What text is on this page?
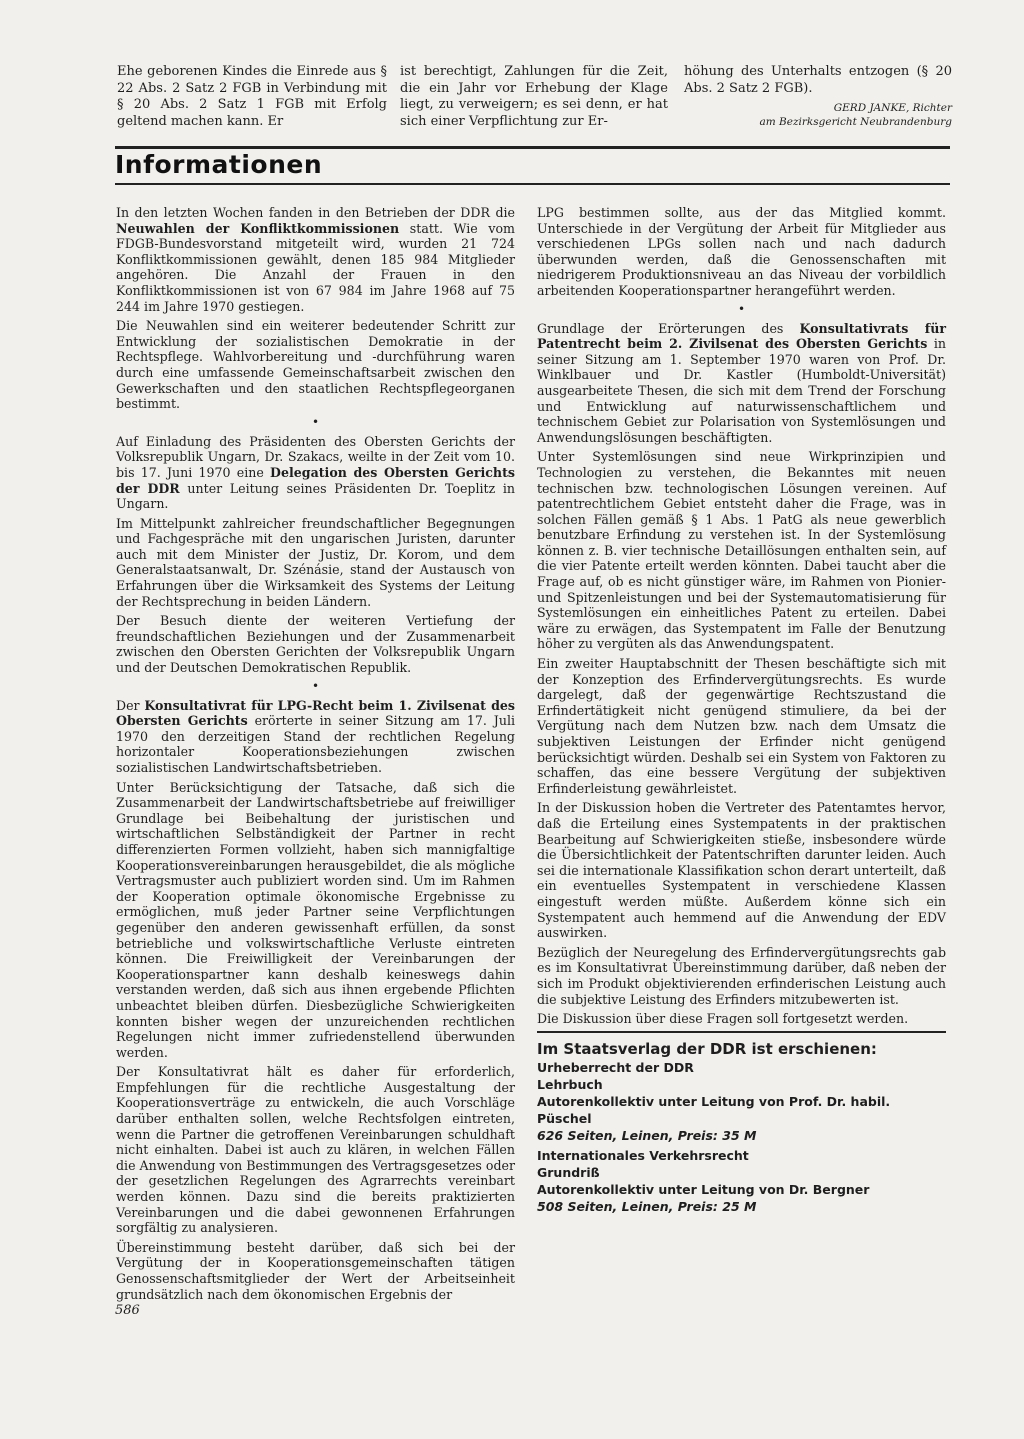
Ehe geborenen Kindes die Einrede aus § 22 Abs. 2 Satz 2 FGB in Verbindung mit § 20 Abs. 2 Satz 1 FGB mit Erfolg geltend machen kann. Er

ist berechtigt, Zahlungen für die Zeit, die ein Jahr vor Erhebung der Klage liegt, zu verweigern; es sei denn, er hat sich einer Verpflichtung zur Er-

höhung des Unterhalts entzogen (§ 20 Abs. 2 Satz 2 FGB).

GERD JANKE, Richter
am Bezirksgericht Neubrandenburg
Informationen

In den letzten Wochen fanden in den Betrieben der DDR die Neuwahlen der Konfliktkommissionen statt. Wie vom FDGB-Bundesvorstand mitgeteilt wird, wurden 21 724 Konfliktkommissionen gewählt, denen 185 984 Mitglieder angehören. Die Anzahl der Frauen in den Konfliktkommissionen ist von 67 984 im Jahre 1968 auf 75 244 im Jahre 1970 gestiegen.

Die Neuwahlen sind ein weiterer bedeutender Schritt zur Entwicklung der sozialistischen Demokratie in der Rechtspflege. Wahlvorbereitung und -durchführung waren durch eine umfassende Gemeinschaftsarbeit zwischen den Gewerkschaften und den staatlichen Rechtspflegeorganen bestimmt.

•

Auf Einladung des Präsidenten des Obersten Gerichts der Volksrepublik Ungarn, Dr. Szakacs, weilte in der Zeit vom 10. bis 17. Juni 1970 eine Delegation des Obersten Gerichts der DDR unter Leitung seines Präsidenten Dr. Toeplitz in Ungarn.

Im Mittelpunkt zahlreicher freundschaftlicher Begegnungen und Fachgespräche mit den ungarischen Juristen, darunter auch mit dem Minister der Justiz, Dr. Korom, und dem Generalstaatsanwalt, Dr. Szénásie, stand der Austausch von Erfahrungen über die Wirksamkeit des Systems der Leitung der Rechtsprechung in beiden Ländern.

Der Besuch diente der weiteren Vertiefung der freundschaftlichen Beziehungen und der Zusammenarbeit zwischen den Obersten Gerichten der Volksrepublik Ungarn und der Deutschen Demokratischen Republik.

•

Der Konsultativrat für LPG-Recht beim 1. Zivilsenat des Obersten Gerichts erörterte in seiner Sitzung am 17. Juli 1970 den derzeitigen Stand der rechtlichen Regelung horizontaler Kooperationsbeziehungen zwischen sozialistischen Landwirtschaftsbetrieben.

Unter Berücksichtigung der Tatsache, daß sich die Zusammenarbeit der Landwirtschaftsbetriebe auf freiwilliger Grundlage bei Beibehaltung der juristischen und wirtschaftlichen Selbständigkeit der Partner in recht differenzierten Formen vollzieht, haben sich mannigfaltige Kooperationsvereinbarungen herausgebildet, die als mögliche Vertragsmuster auch publiziert worden sind. Um im Rahmen der Kooperation optimale ökonomische Ergebnisse zu ermöglichen, muß jeder Partner seine Verpflichtungen gegenüber den anderen gewissenhaft erfüllen, da sonst betriebliche und volkswirtschaftliche Verluste eintreten können. Die Freiwilligkeit der Vereinbarungen der Kooperationspartner kann deshalb keineswegs dahin verstanden werden, daß sich aus ihnen ergebende Pflichten unbeachtet bleiben dürfen. Diesbezügliche Schwierigkeiten konnten bisher wegen der unzureichenden rechtlichen Regelungen nicht immer zufriedenstellend überwunden werden.

Der Konsultativrat hält es daher für erforderlich, Empfehlungen für die rechtliche Ausgestaltung der Kooperationsverträge zu entwickeln, die auch Vorschläge darüber enthalten sollen, welche Rechtsfolgen eintreten, wenn die Partner die getroffenen Vereinbarungen schuldhaft nicht einhalten. Dabei ist auch zu klären, in welchen Fällen die Anwendung von Bestimmungen des Vertragsgesetzes oder der gesetzlichen Regelungen des Agrarrechts vereinbart werden können. Dazu sind die bereits praktizierten Vereinbarungen und die dabei gewonnenen Erfahrungen sorgfältig zu analysieren.

Übereinstimmung besteht darüber, daß sich bei der Vergütung der in Kooperationsgemeinschaften tätigen Genossenschaftsmitglieder der Wert der Arbeitseinheit grundsätzlich nach dem ökonomischen Ergebnis der

LPG bestimmen sollte, aus der das Mitglied kommt. Unterschiede in der Vergütung der Arbeit für Mitglieder aus verschiedenen LPGs sollen nach und nach dadurch überwunden werden, daß die Genossenschaften mit niedrigerem Produktionsniveau an das Niveau der vorbildlich arbeitenden Kooperationspartner herangeführt werden.

•

Grundlage der Erörterungen des Konsultativrats für Patentrecht beim 2. Zivilsenat des Obersten Gerichts in seiner Sitzung am 1. September 1970 waren von Prof. Dr. Winklbauer und Dr. Kastler (Humboldt-Universität) ausgearbeitete Thesen, die sich mit dem Trend der Forschung und Entwicklung auf naturwissenschaftlichem und technischem Gebiet zur Polarisation von Systemlösungen und Anwendungslösungen beschäftigten.

Unter Systemlösungen sind neue Wirkprinzipien und Technologien zu verstehen, die Bekanntes mit neuen technischen bzw. technologischen Lösungen vereinen. Auf patentrechtlichem Gebiet entsteht daher die Frage, was in solchen Fällen gemäß § 1 Abs. 1 PatG als neue gewerblich benutzbare Erfindung zu verstehen ist. In der Systemlösung können z. B. vier technische Detaillösungen enthalten sein, auf die vier Patente erteilt werden könnten. Dabei taucht aber die Frage auf, ob es nicht günstiger wäre, im Rahmen von Pionier- und Spitzenleistungen und bei der Systemautomatisierung für Systemlösungen ein einheitliches Patent zu erteilen. Dabei wäre zu erwägen, das Systempatent im Falle der Benutzung höher zu vergüten als das Anwendungspatent.

Ein zweiter Hauptabschnitt der Thesen beschäftigte sich mit der Konzeption des Erfindervergütungsrechts. Es wurde dargelegt, daß der gegenwärtige Rechtszustand die Erfindertätigkeit nicht genügend stimuliere, da bei der Vergütung nach dem Nutzen bzw. nach dem Umsatz die subjektiven Leistungen der Erfinder nicht genügend berücksichtigt würden. Deshalb sei ein System von Faktoren zu schaffen, das eine bessere Vergütung der subjektiven Erfinderleistung gewährleistet.

In der Diskussion hoben die Vertreter des Patentamtes hervor, daß die Erteilung eines Systempatents in der praktischen Bearbeitung auf Schwierigkeiten stieße, insbesondere würde die Übersichtlichkeit der Patentschriften darunter leiden. Auch sei die internationale Klassifikation schon derart unterteilt, daß ein eventuelles Systempatent in verschiedene Klassen eingestuft werden müßte. Außerdem könne sich ein Systempatent auch hemmend auf die Anwendung der EDV auswirken.

Bezüglich der Neuregelung des Erfindervergütungsrechts gab es im Konsultativrat Übereinstimmung darüber, daß neben der sich im Produkt objektivierenden erfinderischen Leistung auch die subjektive Leistung des Erfinders mitzubewerten ist.

Die Diskussion über diese Fragen soll fortgesetzt werden.

Im Staatsverlag der DDR ist erschienen:
Urheberrecht der DDR
Lehrbuch
Autorenkollektiv unter Leitung von Prof. Dr. habil. Püschel
626 Seiten, Leinen, Preis: 35 M
Internationales Verkehrsrecht
Grundriß
Autorenkollektiv unter Leitung von Dr. Bergner
508 Seiten, Leinen, Preis: 25 M
586
